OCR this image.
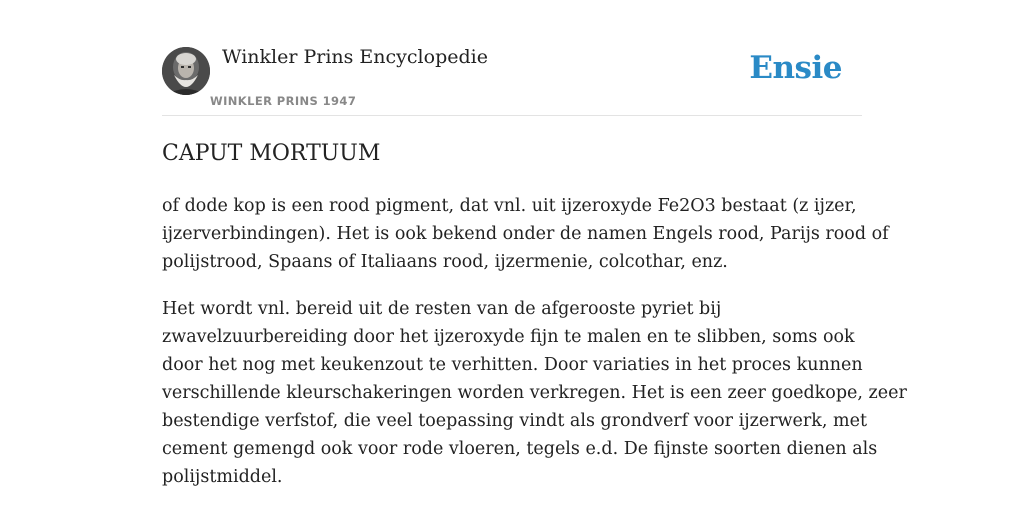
Winkler Prins Encyclopedie
WINKLER PRINS 1947
Ensie
CAPUT MORTUUM

of dode kop is een rood pigment, dat vnl. uit ijzeroxyde Fe2O3 bestaat (z ijzer,
ijzerverbindingen). Het is ook bekend onder de namen Engels rood, Parijs rood of
polijstrood, Spaans of Italiaans rood, ijzermenie, colcothar, enz.

Het wordt vnl. bereid uit de resten van de afgerooste pyriet bij
zwavelzuurbereiding door het ijzeroxyde fijn te malen en te slibben, soms ook
door het nog met keukenzout te verhitten. Door variaties in het proces kunnen
verschillende kleurschakeringen worden verkregen. Het is een zeer goedkope, zeer
bestendige verfstof, die veel toepassing vindt als grondverf voor ijzerwerk, met
cement gemengd ook voor rode vloeren, tegels e.d. De fijnste soorten dienen als
polijstmiddel.
